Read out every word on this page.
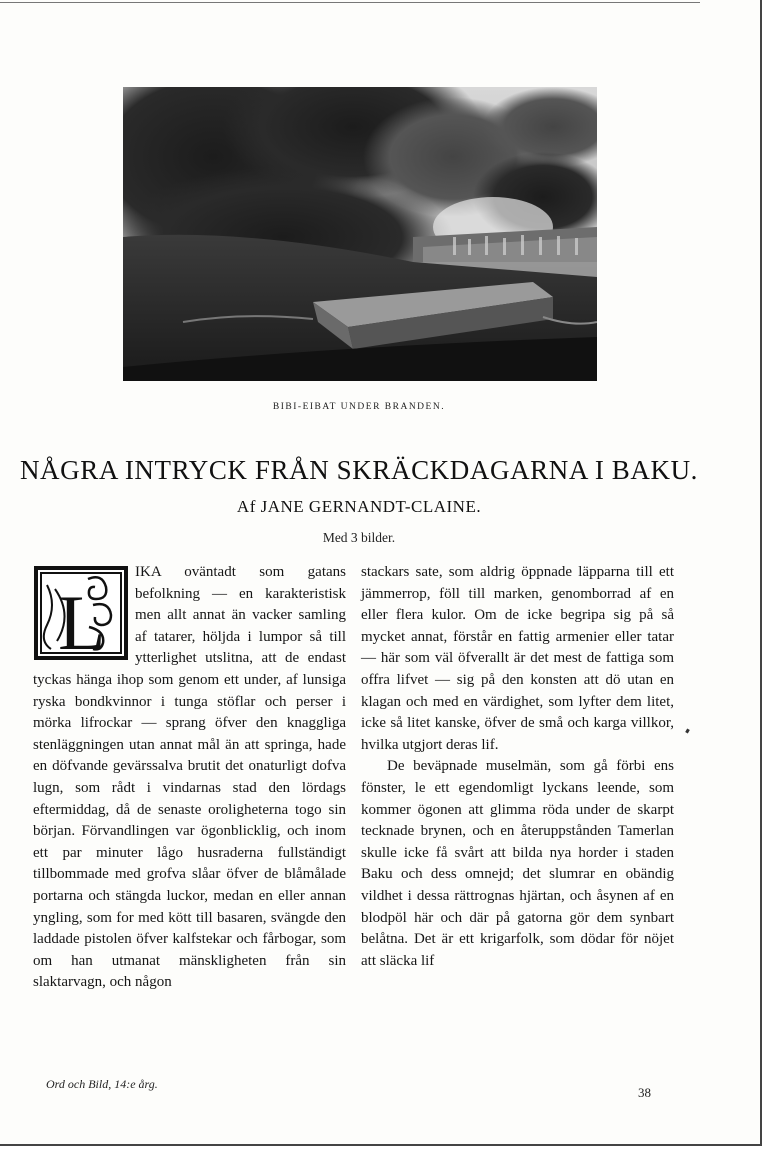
BIBI-EIBAT UNDER BRANDEN.
NÅGRA INTRYCK FRÅN SKRÄCKDAGARNA I BAKU.
Af JANE GERNANDT-CLAINE.
Med 3 bilder.
L

IKA oväntadt som gatans befolkning — en karakteristisk men allt annat än vacker samling af tatarer, höljda i lumpor så till ytterlighet utslitna, att de endast tyckas hänga ihop som genom ett under, af lunsiga ryska bondkvinnor i tunga stöflar och perser i mörka lifrockar — sprang öfver den knaggliga stenläggningen utan annat mål än att springa, hade en döfvande gevärssalva brutit det onaturligt dofva lugn, som rådt i vindarnas stad den lördags eftermiddag, då de senaste oroligheterna togo sin början. Förvandlingen var ögonblicklig, och inom ett par minuter lågo husraderna fullständigt tillbommade med grofva slåar öfver de blåmålade portarna och stängda luckor, medan en eller annan yngling, som for med kött till basaren, svängde den laddade pistolen öfver kalfstekar och fårbogar, som om han utmanat mänskligheten från sin slaktarvagn, och någon

stackars sate, som aldrig öppnade läpparna till ett jämmerrop, föll till marken, genomborrad af en eller flera kulor. Om de icke begripa sig på så mycket annat, förstår en fattig armenier eller tatar — här som väl öfverallt är det mest de fattiga som offra lifvet — sig på den konsten att dö utan en klagan och med en värdighet, som lyfter dem litet, icke så litet kanske, öfver de små och karga villkor, hvilka utgjort deras lif.

De beväpnade muselmän, som gå förbi ens fönster, le ett egendomligt lyckans leende, som kommer ögonen att glimma röda under de skarpt tecknade brynen, och en återuppstånden Tamerlan skulle icke få svårt att bilda nya horder i staden Baku och dess omnejd; det slumrar en obändig vildhet i dessa rättrognas hjärtan, och åsynen af en blodpöl här och där på gatorna gör dem synbart belåtna. Det är ett krigarfolk, som dödar för nöjet att släcka lif

Ord och Bild, 14:e årg.
38
